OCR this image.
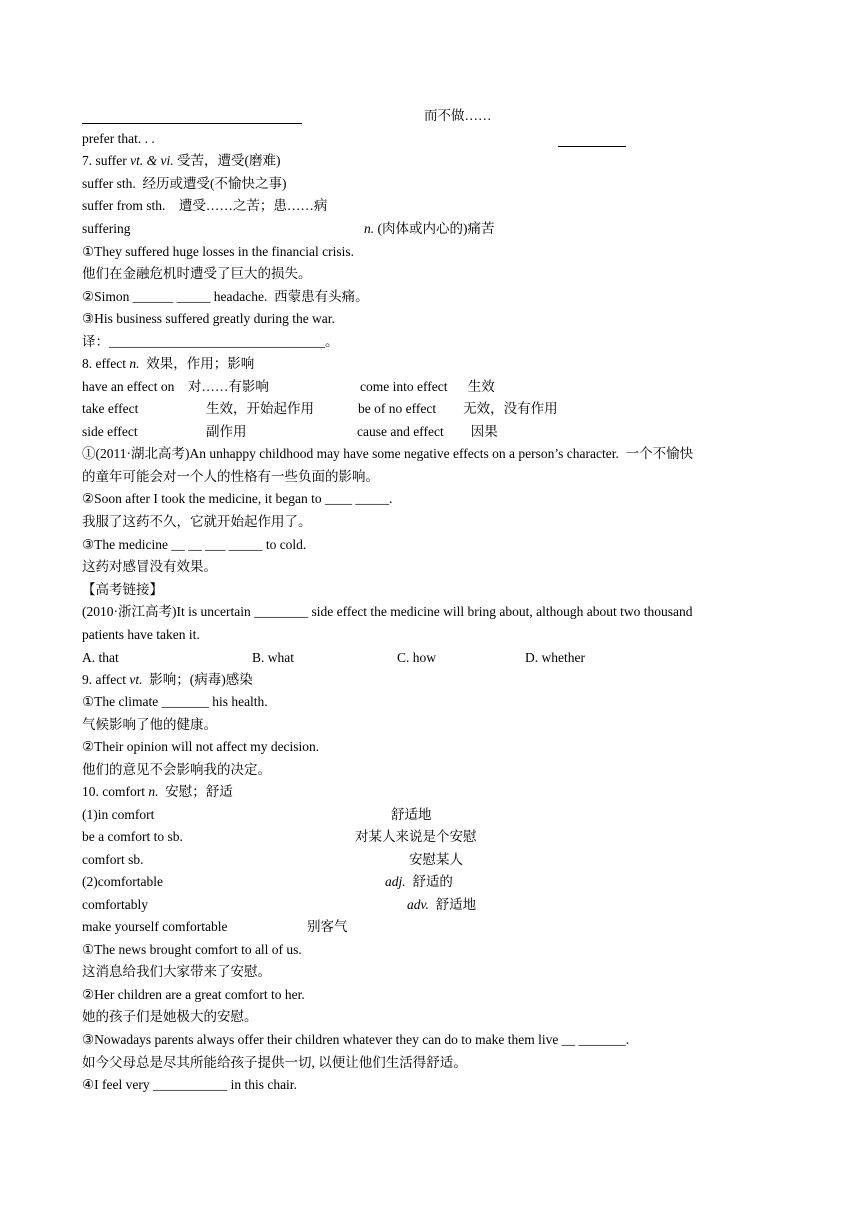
而不做……
prefer that. . .
7. suffer vt. & vi. 受苦，遭受(磨难)
suffer sth.  经历或遭受(不愉快之事)
suffer from sth.    遭受……之苦；患……病
suffering	n. (肉体或内心的)痛苦
①They suffered huge losses in the financial crisis.
他们在金融危机时遭受了巨大的损失。
②Simon ______ _____ headache.  西蒙患有头痛。
③His business suffered greatly during the war.
译：________________________________。
8. effect n.  效果，作用；影响
have an effect on    对……有影响	come into effect      生效
take effect	生效，开始起作用	be of no effect        无效，没有作用
side effect	副作用	cause and effect        因果
①(2011·湖北高考)An unhappy childhood may have some negative effects on a person’s character.  一个不愉快
的童年可能会对一个人的性格有一些负面的影响。
②Soon after I took the medicine, it began to ____ _____.
我服了这药不久，它就开始起作用了。
③The medicine __ __ ___ _____ to cold.
这药对感冒没有效果。
【高考链接】
(2010·浙江高考)It is uncertain ________ side effect the medicine will bring about, although about two thousand
patients have taken it.
A. that	B. what	C. how	D. whether
9. affect vt.  影响；(病毒)感染
①The climate _______ his health.
气候影响了他的健康。
②Their opinion will not affect my decision.
他们的意见不会影响我的决定。
10. comfort n.  安慰；舒适
(1)in comfort	舒适地
be a comfort to sb.	对某人来说是个安慰
comfort sb.	安慰某人
(2)comfortable	adj.  舒适的
comfortably	adv.  舒适地
make yourself comfortable	别客气
①The news brought comfort to all of us.
这消息给我们大家带来了安慰。
②Her children are a great comfort to her.
她的孩子们是她极大的安慰。
③Nowadays parents always offer their children whatever they can do to make them live __ _______.
如今父母总是尽其所能给孩子提供一切, 以便让他们生活得舒适。
④I feel very ___________ in this chair.
